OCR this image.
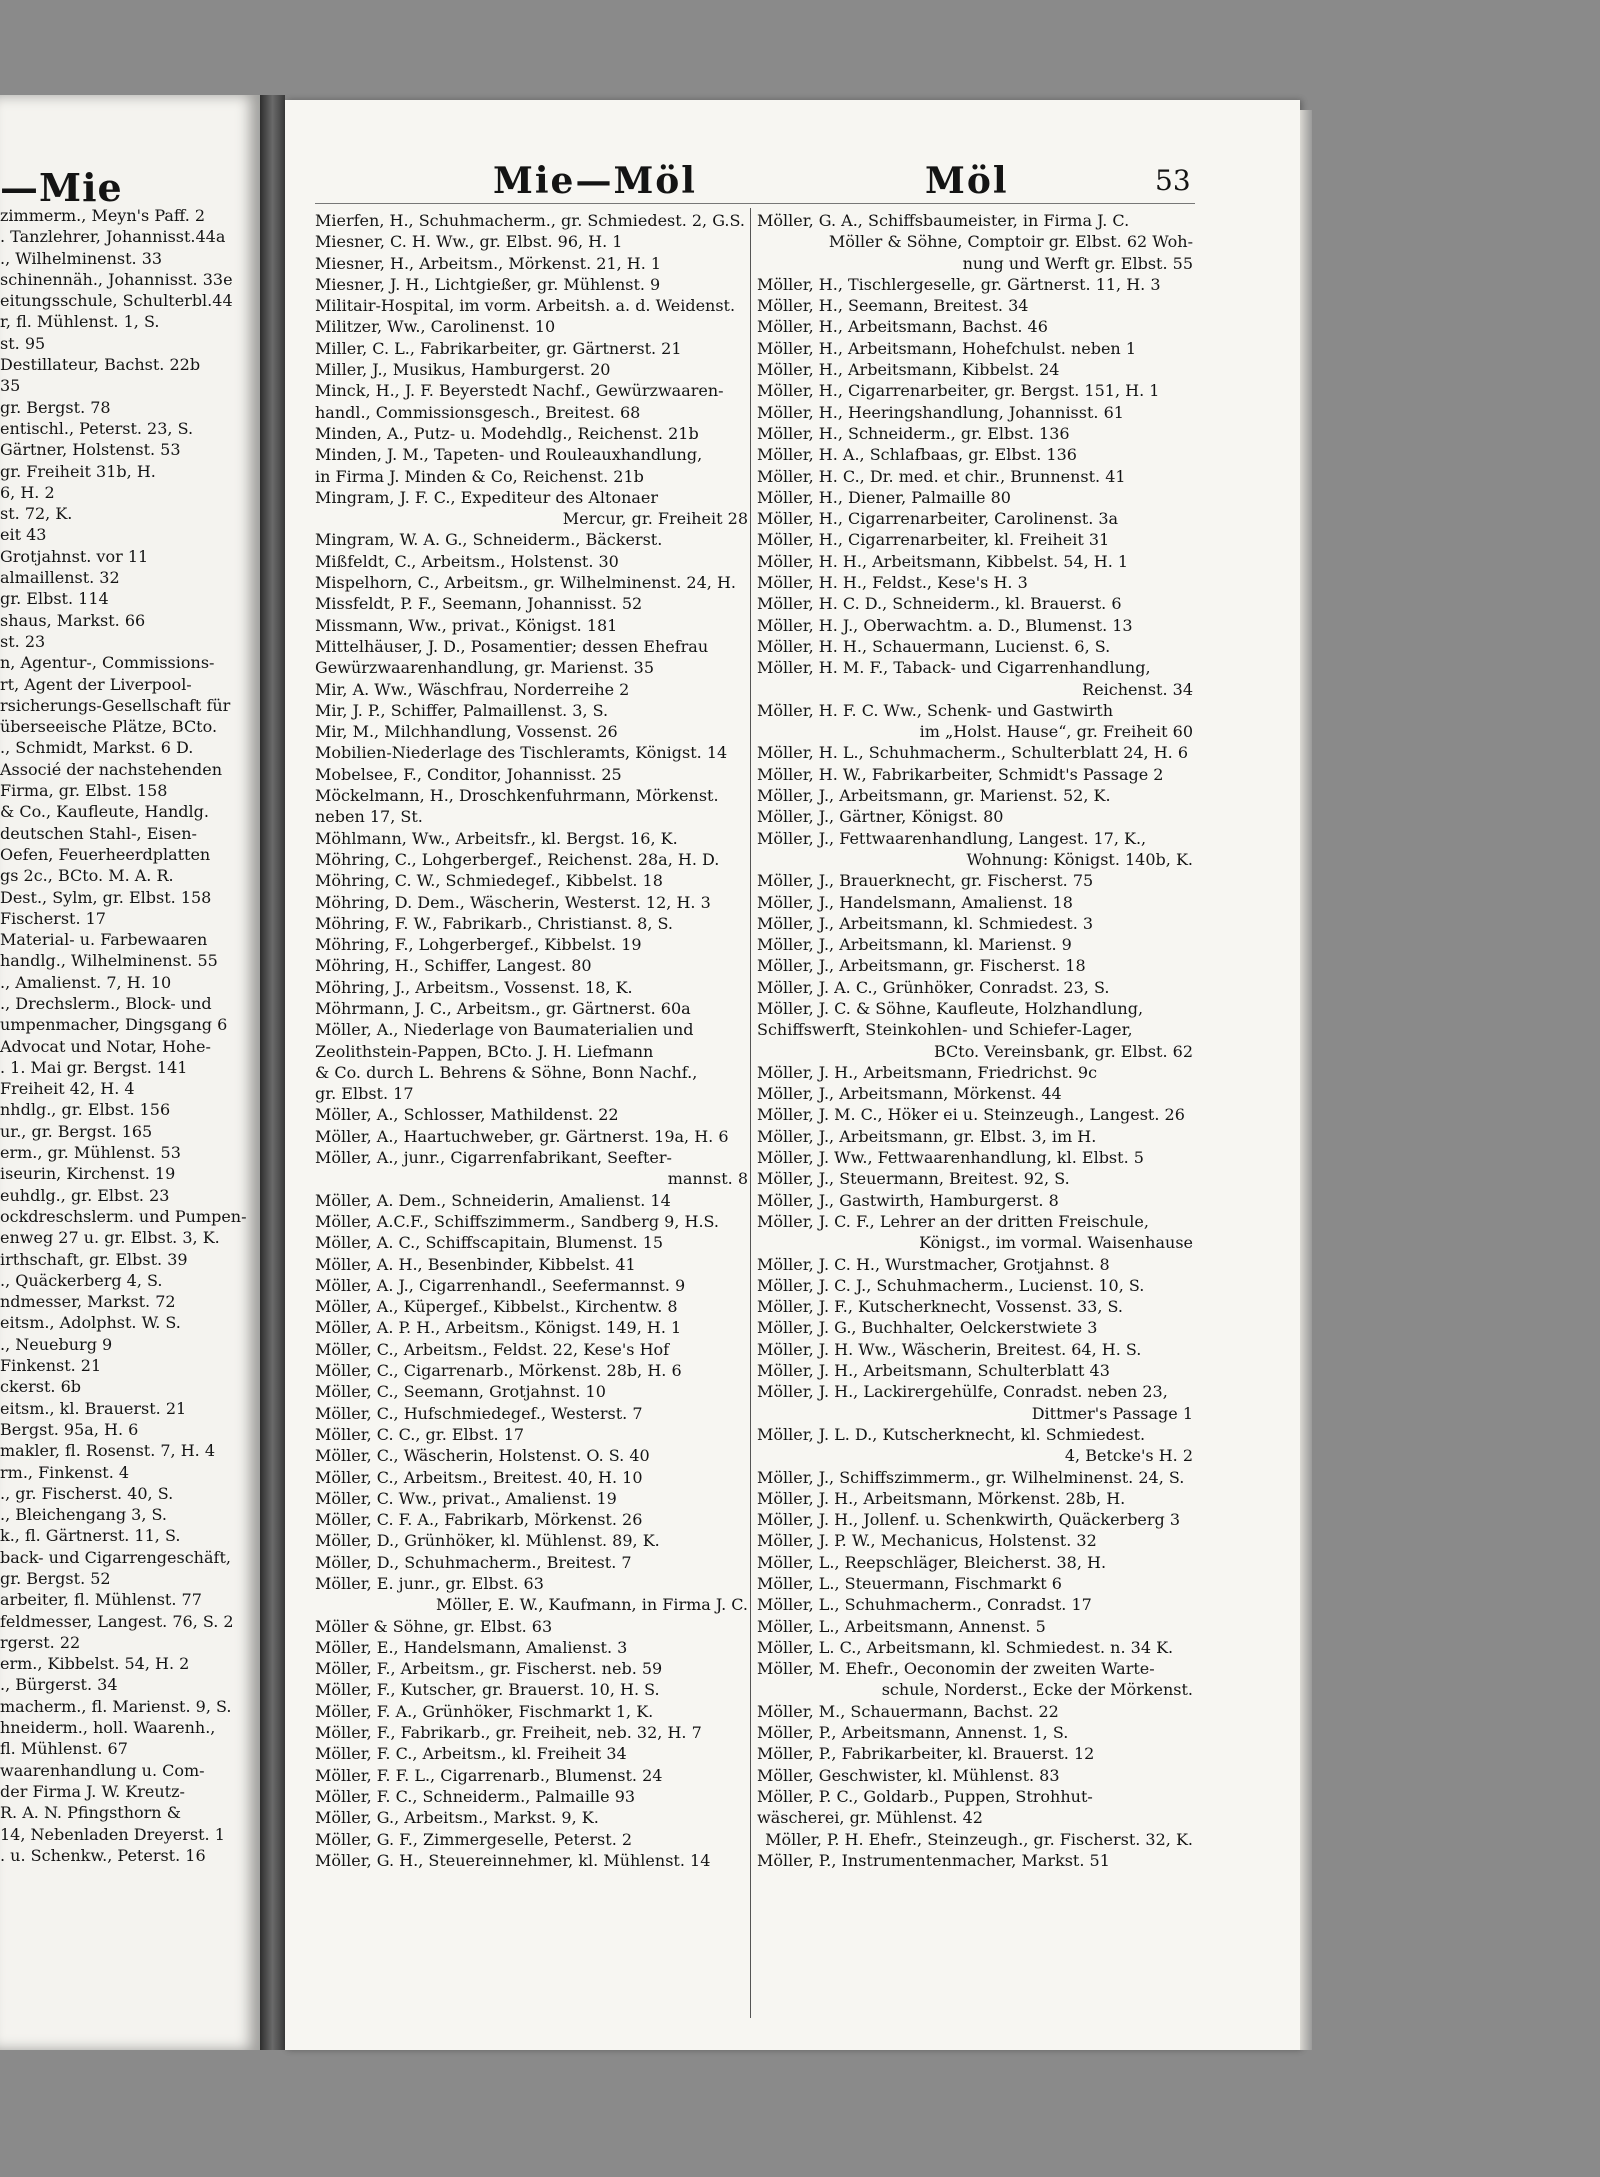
—Mie
zimmerm., Meyn's Paff. 2
. Tanzlehrer, Johannisst.44a
., Wilhelminenst. 33
schinennäh., Johannisst. 33e
eitungsschule, Schulterbl.44
r, fl. Mühlenst. 1, S.
st. 95
Destillateur, Bachst. 22b
35
gr. Bergst. 78
entischl., Peterst. 23, S.
Gärtner, Holstenst. 53
gr. Freiheit 31b, H.
6, H. 2
st. 72, K.
eit 43
Grotjahnst. vor 11
almaillenst. 32
gr. Elbst. 114
shaus, Markst. 66
st. 23
n, Agentur-, Commissions-
rt, Agent der Liverpool-
rsicherungs-Gesellschaft für
überseeische Plätze, BCto.
., Schmidt, Markst. 6 D.
Associé der nachstehenden
Firma, gr. Elbst. 158
& Co., Kaufleute, Handlg.
deutschen Stahl-, Eisen-
Oefen, Feuerheerdplatten
gs 2c., BCto. M. A. R.
Dest., Sylm, gr. Elbst. 158
Fischerst. 17
Material- u. Farbewaaren
handlg., Wilhelminenst. 55
., Amalienst. 7, H. 10
., Drechslerm., Block- und
umpenmacher, Dingsgang 6
Advocat und Notar, Hohe-
. 1. Mai gr. Bergst. 141
Freiheit 42, H. 4
nhdlg., gr. Elbst. 156
ur., gr. Bergst. 165
erm., gr. Mühlenst. 53
iseurin, Kirchenst. 19
euhdlg., gr. Elbst. 23
ockdreschslerm. und Pumpen-
enweg 27 u. gr. Elbst. 3, K.
irthschaft, gr. Elbst. 39
., Quäckerberg 4, S.
ndmesser, Markst. 72
eitsm., Adolphst. W. S.
., Neueburg 9
Finkenst. 21
ckerst. 6b
eitsm., kl. Brauerst. 21
Bergst. 95a, H. 6
makler, fl. Rosenst. 7, H. 4
rm., Finkenst. 4
., gr. Fischerst. 40, S.
., Bleichengang 3, S.
k., fl. Gärtnerst. 11, S.
back- und Cigarrengeschäft,
gr. Bergst. 52
arbeiter, fl. Mühlenst. 77
feldmesser, Langest. 76, S. 2
rgerst. 22
erm., Kibbelst. 54, H. 2
., Bürgerst. 34
macherm., fl. Marienst. 9, S.
hneiderm., holl. Waarenh.,
fl. Mühlenst. 67
waarenhandlung u. Com-
der Firma J. W. Kreutz-
R. A. N. Pfingsthorn &
14, Nebenladen Dreyerst. 1
. u. Schenkw., Peterst. 16
Mie—Möl	Möl	53
Mierfen, H., Schuhmacherm., gr. Schmiedest. 2, G.S.
Miesner, C. H. Ww., gr. Elbst. 96, H. 1
Miesner, H., Arbeitsm., Mörkenst. 21, H. 1
Miesner, J. H., Lichtgießer, gr. Mühlenst. 9
Militair-Hospital, im vorm. Arbeitsh. a. d. Weidenst.
Militzer, Ww., Carolinenst. 10
Miller, C. L., Fabrikarbeiter, gr. Gärtnerst. 21
Miller, J., Musikus, Hamburgerst. 20
Minck, H., J. F. Beyerstedt Nachf., Gewürzwaaren-
handl., Commissionsgesch., Breitest. 68
Minden, A., Putz- u. Modehdlg., Reichenst. 21b
Minden, J. M., Tapeten- und Rouleauxhandlung,
in Firma J. Minden & Co, Reichenst. 21b
Mingram, J. F. C., Expediteur des Altonaer
Mercur, gr. Freiheit 28
Mingram, W. A. G., Schneiderm., Bäckerst.
Mißfeldt, C., Arbeitsm., Holstenst. 30
Mispelhorn, C., Arbeitsm., gr. Wilhelminenst. 24, H.
Missfeldt, P. F., Seemann, Johannisst. 52
Missmann, Ww., privat., Königst. 181
Mittelhäuser, J. D., Posamentier; dessen Ehefrau
Gewürzwaarenhandlung, gr. Marienst. 35
Mir, A. Ww., Wäschfrau, Norderreihe 2
Mir, J. P., Schiffer, Palmaillenst. 3, S.
Mir, M., Milchhandlung, Vossenst. 26
Mobilien-Niederlage des Tischleramts, Königst. 14
Mobelsee, F., Conditor, Johannisst. 25
Möckelmann, H., Droschkenfuhrmann, Mörkenst.
neben 17, St.
Möhlmann, Ww., Arbeitsfr., kl. Bergst. 16, K.
Möhring, C., Lohgerbergef., Reichenst. 28a, H. D.
Möhring, C. W., Schmiedegef., Kibbelst. 18
Möhring, D. Dem., Wäscherin, Westerst. 12, H. 3
Möhring, F. W., Fabrikarb., Christianst. 8, S.
Möhring, F., Lohgerbergef., Kibbelst. 19
Möhring, H., Schiffer, Langest. 80
Möhring, J., Arbeitsm., Vossenst. 18, K.
Möhrmann, J. C., Arbeitsm., gr. Gärtnerst. 60a
Möller, A., Niederlage von Baumaterialien und
Zeolithstein-Pappen, BCto. J. H. Liefmann
& Co. durch L. Behrens & Söhne, Bonn Nachf.,
gr. Elbst. 17
Möller, A., Schlosser, Mathildenst. 22
Möller, A., Haartuchweber, gr. Gärtnerst. 19a, H. 6
Möller, A., junr., Cigarrenfabrikant, Seefter-
mannst. 8
Möller, A. Dem., Schneiderin, Amalienst. 14
Möller, A.C.F., Schiffszimmerm., Sandberg 9, H.S.
Möller, A. C., Schiffscapitain, Blumenst. 15
Möller, A. H., Besenbinder, Kibbelst. 41
Möller, A. J., Cigarrenhandl., Seefermannst. 9
Möller, A., Küpergef., Kibbelst., Kirchentw. 8
Möller, A. P. H., Arbeitsm., Königst. 149, H. 1
Möller, C., Arbeitsm., Feldst. 22, Kese's Hof
Möller, C., Cigarrenarb., Mörkenst. 28b, H. 6
Möller, C., Seemann, Grotjahnst. 10
Möller, C., Hufschmiedegef., Westerst. 7
Möller, C. C., gr. Elbst. 17
Möller, C., Wäscherin, Holstenst. O. S. 40
Möller, C., Arbeitsm., Breitest. 40, H. 10
Möller, C. Ww., privat., Amalienst. 19
Möller, C. F. A., Fabrikarb, Mörkenst. 26
Möller, D., Grünhöker, kl. Mühlenst. 89, K.
Möller, D., Schuhmacherm., Breitest. 7
Möller, E. junr., gr. Elbst. 63
Möller, E. W., Kaufmann, in Firma J. C.
Möller & Söhne, gr. Elbst. 63
Möller, E., Handelsmann, Amalienst. 3
Möller, F., Arbeitsm., gr. Fischerst. neb. 59
Möller, F., Kutscher, gr. Brauerst. 10, H. S.
Möller, F. A., Grünhöker, Fischmarkt 1, K.
Möller, F., Fabrikarb., gr. Freiheit, neb. 32, H. 7
Möller, F. C., Arbeitsm., kl. Freiheit 34
Möller, F. F. L., Cigarrenarb., Blumenst. 24
Möller, F. C., Schneiderm., Palmaille 93
Möller, G., Arbeitsm., Markst. 9, K.
Möller, G. F., Zimmergeselle, Peterst. 2
Möller, G. H., Steuereinnehmer, kl. Mühlenst. 14
Möller, G. A., Schiffsbaumeister, in Firma J. C.
Möller & Söhne, Comptoir gr. Elbst. 62 Woh-
nung und Werft gr. Elbst. 55
Möller, H., Tischlergeselle, gr. Gärtnerst. 11, H. 3
Möller, H., Seemann, Breitest. 34
Möller, H., Arbeitsmann, Bachst. 46
Möller, H., Arbeitsmann, Hohefchulst. neben 1
Möller, H., Arbeitsmann, Kibbelst. 24
Möller, H., Cigarrenarbeiter, gr. Bergst. 151, H. 1
Möller, H., Heeringshandlung, Johannisst. 61
Möller, H., Schneiderm., gr. Elbst. 136
Möller, H. A., Schlafbaas, gr. Elbst. 136
Möller, H. C., Dr. med. et chir., Brunnenst. 41
Möller, H., Diener, Palmaille 80
Möller, H., Cigarrenarbeiter, Carolinenst. 3a
Möller, H., Cigarrenarbeiter, kl. Freiheit 31
Möller, H. H., Arbeitsmann, Kibbelst. 54, H. 1
Möller, H. H., Feldst., Kese's H. 3
Möller, H. C. D., Schneiderm., kl. Brauerst. 6
Möller, H. J., Oberwachtm. a. D., Blumenst. 13
Möller, H. H., Schauermann, Lucienst. 6, S.
Möller, H. M. F., Taback- und Cigarrenhandlung,
Reichenst. 34
Möller, H. F. C. Ww., Schenk- und Gastwirth
im „Holst. Hause“, gr. Freiheit 60
Möller, H. L., Schuhmacherm., Schulterblatt 24, H. 6
Möller, H. W., Fabrikarbeiter, Schmidt's Passage 2
Möller, J., Arbeitsmann, gr. Marienst. 52, K.
Möller, J., Gärtner, Königst. 80
Möller, J., Fettwaarenhandlung, Langest. 17, K.,
Wohnung: Königst. 140b, K.
Möller, J., Brauerknecht, gr. Fischerst. 75
Möller, J., Handelsmann, Amalienst. 18
Möller, J., Arbeitsmann, kl. Schmiedest. 3
Möller, J., Arbeitsmann, kl. Marienst. 9
Möller, J., Arbeitsmann, gr. Fischerst. 18
Möller, J. A. C., Grünhöker, Conradst. 23, S.
Möller, J. C. & Söhne, Kaufleute, Holzhandlung,
Schiffswerft, Steinkohlen- und Schiefer-Lager,
BCto. Vereinsbank, gr. Elbst. 62
Möller, J. H., Arbeitsmann, Friedrichst. 9c
Möller, J., Arbeitsmann, Mörkenst. 44
Möller, J. M. C., Höker ei u. Steinzeugh., Langest. 26
Möller, J., Arbeitsmann, gr. Elbst. 3, im H.
Möller, J. Ww., Fettwaarenhandlung, kl. Elbst. 5
Möller, J., Steuermann, Breitest. 92, S.
Möller, J., Gastwirth, Hamburgerst. 8
Möller, J. C. F., Lehrer an der dritten Freischule,
Königst., im vormal. Waisenhause
Möller, J. C. H., Wurstmacher, Grotjahnst. 8
Möller, J. C. J., Schuhmacherm., Lucienst. 10, S.
Möller, J. F., Kutscherknecht, Vossenst. 33, S.
Möller, J. G., Buchhalter, Oelckerstwiete 3
Möller, J. H. Ww., Wäscherin, Breitest. 64, H. S.
Möller, J. H., Arbeitsmann, Schulterblatt 43
Möller, J. H., Lackirergehülfe, Conradst. neben 23,
Dittmer's Passage 1
Möller, J. L. D., Kutscherknecht, kl. Schmiedest.
4, Betcke's H. 2
Möller, J., Schiffszimmerm., gr. Wilhelminenst. 24, S.
Möller, J. H., Arbeitsmann, Mörkenst. 28b, H.
Möller, J. H., Jollenf. u. Schenkwirth, Quäckerberg 3
Möller, J. P. W., Mechanicus, Holstenst. 32
Möller, L., Reepschläger, Bleicherst. 38, H.
Möller, L., Steuermann, Fischmarkt 6
Möller, L., Schuhmacherm., Conradst. 17
Möller, L., Arbeitsmann, Annenst. 5
Möller, L. C., Arbeitsmann, kl. Schmiedest. n. 34 K.
Möller, M. Ehefr., Oeconomin der zweiten Warte-
schule, Norderst., Ecke der Mörkenst.
Möller, M., Schauermann, Bachst. 22
Möller, P., Arbeitsmann, Annenst. 1, S.
Möller, P., Fabrikarbeiter, kl. Brauerst. 12
Möller, Geschwister, kl. Mühlenst. 83
Möller, P. C., Goldarb., Puppen, Strohhut-
wäscherei, gr. Mühlenst. 42
Möller, P. H. Ehefr., Steinzeugh., gr. Fischerst. 32, K.
Möller, P., Instrumentenmacher, Markst. 51
